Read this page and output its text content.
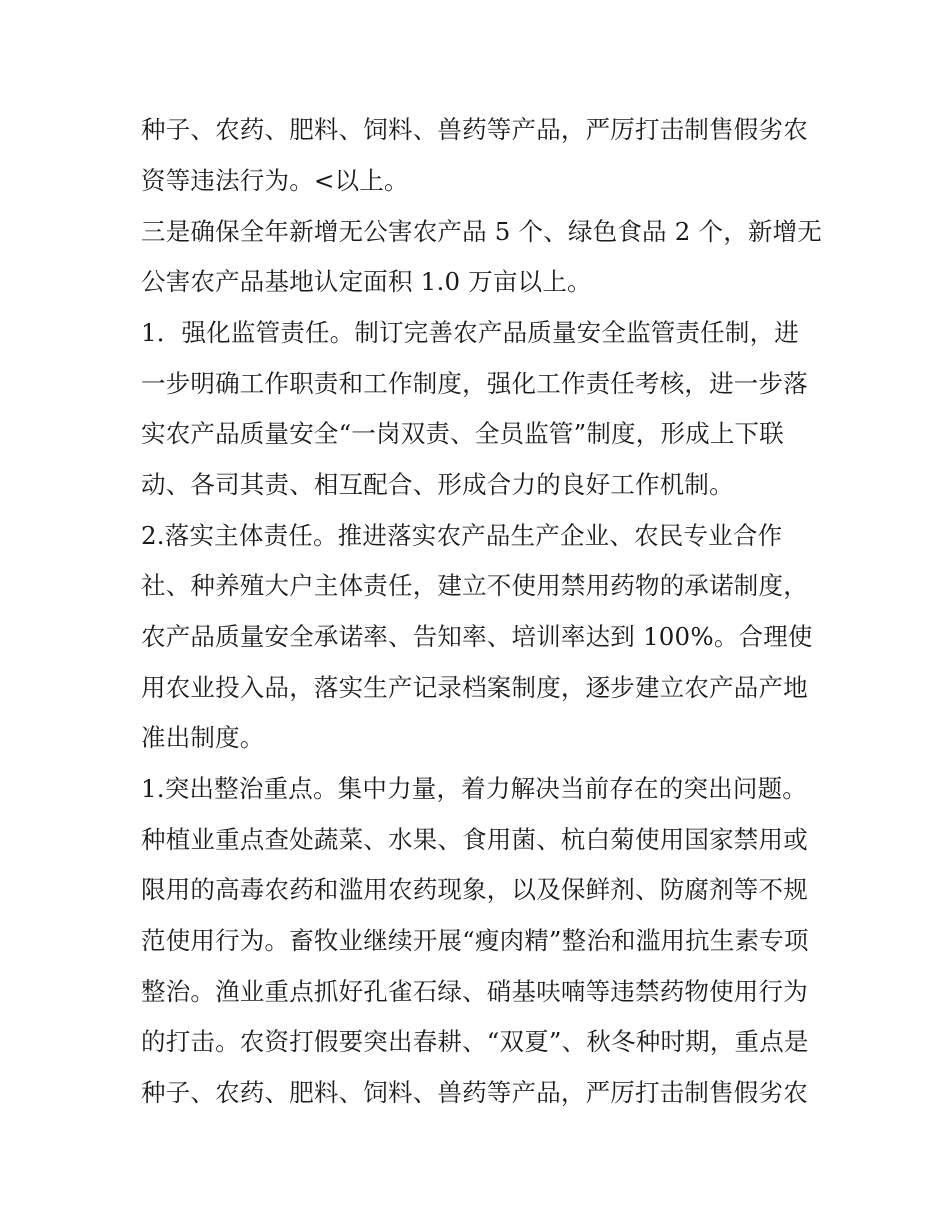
种子、农药、肥料、饲料、兽药等产品，严厉打击制售假劣农
资等违法行为。<以上。
三是确保全年新增无公害农产品 5 个、绿色食品 2 个，新增无
公害农产品基地认定面积 1.0 万亩以上。
1．强化监管责任。制订完善农产品质量安全监管责任制，进
一步明确工作职责和工作制度，强化工作责任考核，进一步落
实农产品质量安全“一岗双责、全员监管”制度，形成上下联
动、各司其责、相互配合、形成合力的良好工作机制。
2.落实主体责任。推进落实农产品生产企业、农民专业合作
社、种养殖大户主体责任，建立不使用禁用药物的承诺制度，
农产品质量安全承诺率、告知率、培训率达到 100%。合理使
用农业投入品，落实生产记录档案制度，逐步建立农产品产地
准出制度。
1.突出整治重点。集中力量，着力解决当前存在的突出问题。
种植业重点查处蔬菜、水果、食用菌、杭白菊使用国家禁用或
限用的高毒农药和滥用农药现象，以及保鲜剂、防腐剂等不规
范使用行为。畜牧业继续开展“瘦肉精”整治和滥用抗生素专项
整治。渔业重点抓好孔雀石绿、硝基呋喃等违禁药物使用行为
的打击。农资打假要突出春耕、“双夏”、秋冬种时期，重点是
种子、农药、肥料、饲料、兽药等产品，严厉打击制售假劣农
